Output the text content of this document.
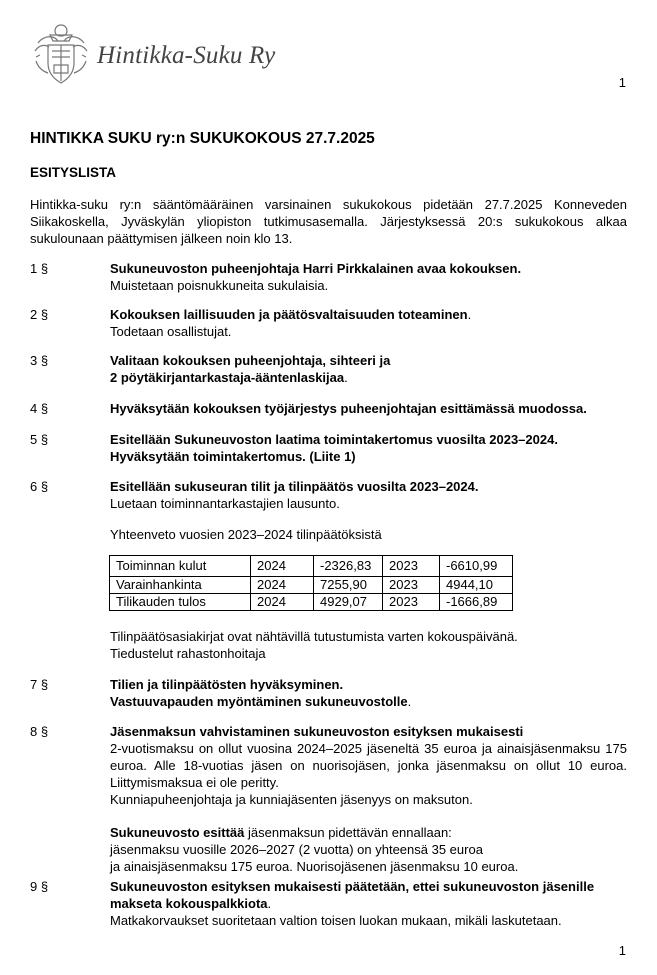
Hintikka-Suku Ry
1
HINTIKKA SUKU ry:n SUKUKOKOUS 27.7.2025
ESITYSLISTA
Hintikka-suku ry:n sääntömääräinen varsinainen sukukokous pidetään 27.7.2025 Konneveden Siikakoskella, Jyväskylän yliopiston tutkimusasemalla. Järjestyksessä 20:s sukukokous alkaa sukulounaan päättymisen jälkeen noin klo 13.
1 §	Sukuneuvoston puheenjohtaja Harri Pirkkalainen avaa kokouksen.
Muistetaan poisnukkuneita sukulaisia.
2 §	Kokouksen laillisuuden ja päätösvaltaisuuden toteaminen.
Todetaan osallistujat.
3 §	Valitaan kokouksen puheenjohtaja, sihteeri ja
2 pöytäkirjantarkastaja-ääntenlaskijaa.
4 §	Hyväksytään kokouksen työjärjestys puheenjohtajan esittämässä muodossa.
5 §	Esitellään Sukuneuvoston laatima toimintakertomus vuosilta 2023–2024.
Hyväksytään toimintakertomus. (Liite 1)
6 §	Esitellään sukuseuran tilit ja tilinpäätös vuosilta 2023–2024.
Luetaan toiminnantarkastajien lausunto.
Yhteenveto vuosien 2023–2024 tilinpäätöksistä
Toiminnan kulut	2024	-2326,83	2023	-6610,99
Varainhankinta	2024	7255,90	2023	4944,10
Tilikauden tulos	2024	4929,07	2023	-1666,89
Tilinpäätösasiakirjat ovat nähtävillä tutustumista varten kokouspäivänä.
Tiedustelut rahastonhoitaja
7 §	Tilien ja tilinpäätösten hyväksyminen.
Vastuuvapauden myöntäminen sukuneuvostolle.
8 §	Jäsenmaksun vahvistaminen sukuneuvoston esityksen mukaisesti
2-vuotismaksu on ollut vuosina 2024–2025 jäseneltä 35 euroa ja ainaisjäsenmaksu 175 euroa. Alle 18-vuotias jäsen on nuorisojäsen, jonka jäsenmaksu on ollut 10 euroa. Liittymismaksua ei ole peritty.
Kunniapuheenjohtaja ja kunniajäsenten jäsenyys on maksuton.
Sukuneuvosto esittää jäsenmaksun pidettävän ennallaan:
jäsenmaksu vuosille 2026–2027 (2 vuotta) on yhteensä 35 euroa
ja ainaisjäsenmaksu 175 euroa. Nuorisojäsenen jäsenmaksu 10 euroa.
9 §	Sukuneuvoston esityksen mukaisesti päätetään, ettei sukuneuvoston jäsenille maksetа kokouspalkkiota.
Matkakorvaukset suoritetaan valtion toisen luokan mukaan, mikäli laskutetaan.
1
